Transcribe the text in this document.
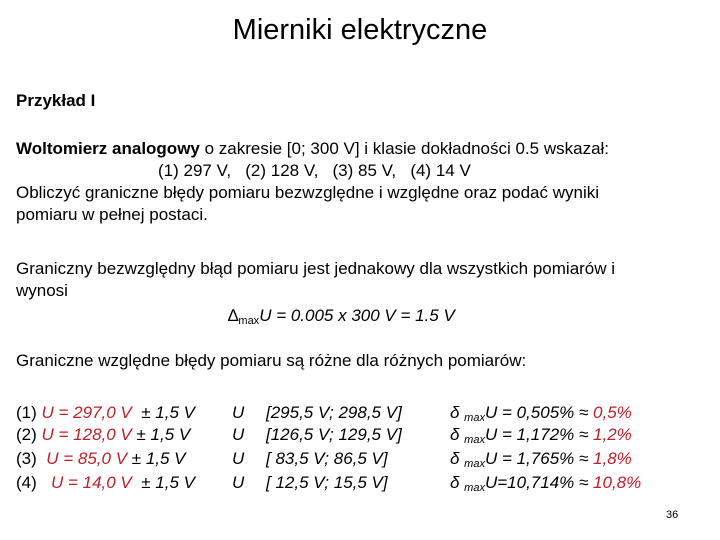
Mierniki elektryczne
Przykład I
Woltomierz analogowy o zakresie [0; 300 V] i klasie dokładności 0.5 wskazał:
(1) 297 V,   (2) 128 V,   (3) 85 V,   (4) 14 V
Obliczyć graniczne błędy pomiaru bezwzględne i względne oraz podać wyniki
pomiaru w pełnej postaci.
Graniczny bezwzględny błąd pomiaru jest jednakowy dla wszystkich pomiarów i
wynosi
$\Delta_{max}U = 0.005$ x 300 V = 1.5 V
Graniczne względne błędy pomiaru są różne dla różnych pomiarów:
(1) U = 297,0 V  ± 1,5 V U [295,5 V; 298,5 V]	δ $_{max}$U = 0,505% ≈ 0,5%
(2) U = 128,0 V ± 1,5 V U [126,5 V; 129,5 V]	δ $_{max}$U = 1,172% ≈ 1,2%
(3)  U = 85,0 V ± 1,5 V	U [ 83,5 V; 86,5 V]	δ $_{max}$U = 1,765% ≈ 1,8%
(4)   U = 14,0 V  ± 1,5 V U [ 12,5 V; 15,5 V]	δ $_{max}$U=10,714% ≈ 10,8%
36
